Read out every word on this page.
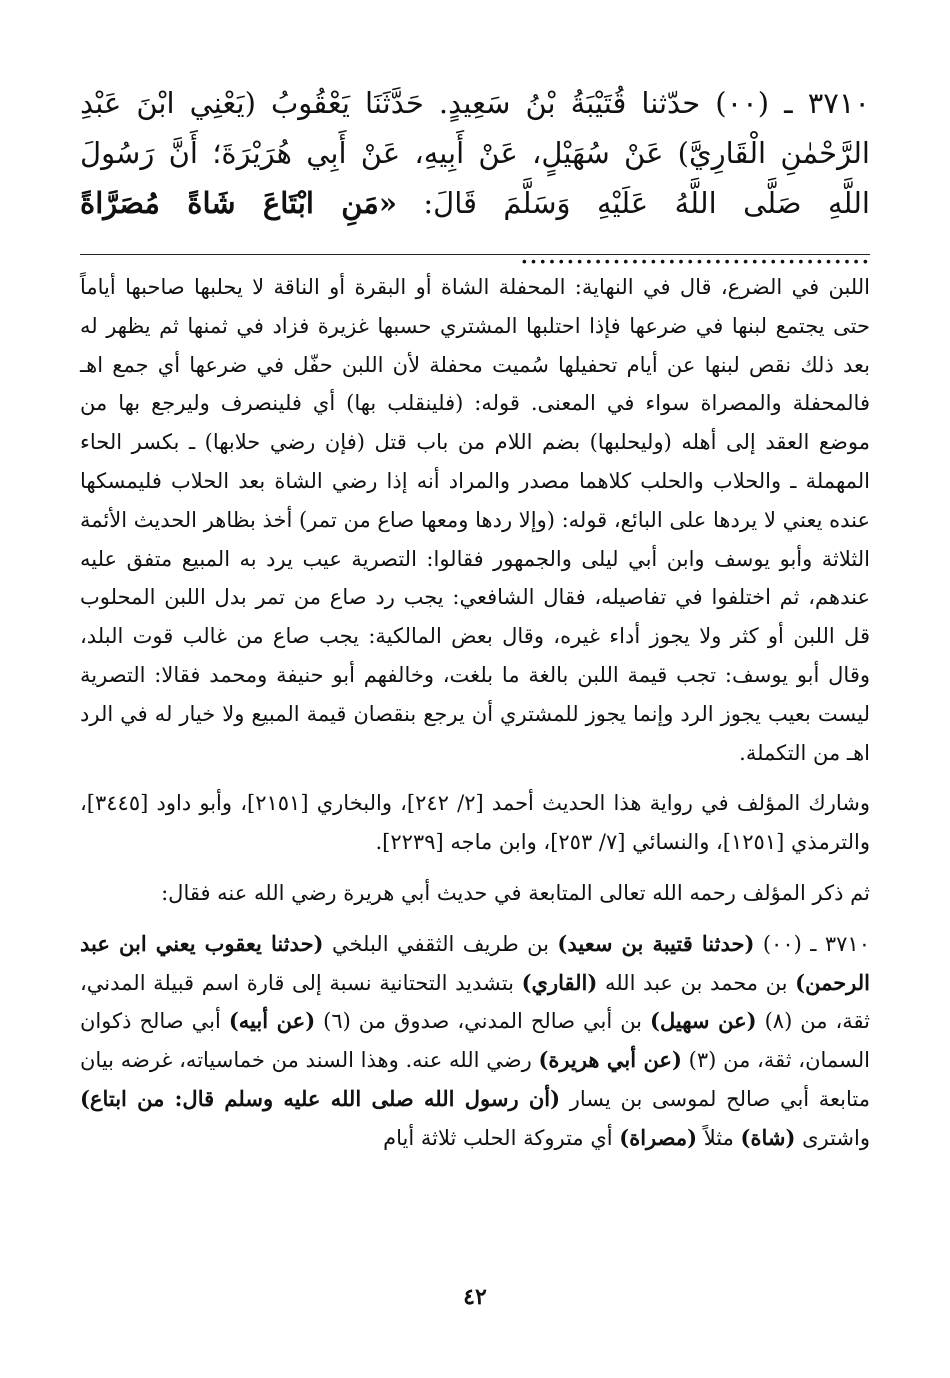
٣٧١٠ ـ (٠٠) حدّثنا قُتَيْبَةُ بْنُ سَعِيدٍ. حَدَّثَنَا يَعْقُوبُ (يَعْنِي ابْنَ عَبْدِ الرَّحْمٰنِ الْقَارِيَّ) عَنْ سُهَيْلٍ، عَنْ أَبِيهِ، عَنْ أَبِي هُرَيْرَةَ؛ أَنَّ رَسُولَ اللَّهِ صَلَّى اللَّهُ عَلَيْهِ وَسَلَّمَ قَالَ: «مَنِ ابْتَاعَ شَاةً مُصَرَّاةً ......................................

اللبن في الضرع، قال في النهاية: المحفلة الشاة أو البقرة أو الناقة لا يحلبها صاحبها أياماً حتى يجتمع لبنها في ضرعها فإذا احتلبها المشتري حسبها غزيرة فزاد في ثمنها ثم يظهر له بعد ذلك نقص لبنها عن أيام تحفيلها سُميت محفلة لأن اللبن حفّل في ضرعها أي جمع اهـ فالمحفلة والمصراة سواء في المعنى. قوله: (فلينقلب بها) أي فلينصرف وليرجع بها من موضع العقد إلى أهله (وليحلبها) بضم اللام من باب قتل (فإن رضي حلابها) ـ بكسر الحاء المهملة ـ والحلاب والحلب كلاهما مصدر والمراد أنه إذا رضي الشاة بعد الحلاب فليمسكها عنده يعني لا يردها على البائع، قوله: (وإلا ردها ومعها صاع من تمر) أخذ بظاهر الحديث الأئمة الثلاثة وأبو يوسف وابن أبي ليلى والجمهور فقالوا: التصرية عيب يرد به المبيع متفق عليه عندهم، ثم اختلفوا في تفاصيله، فقال الشافعي: يجب رد صاع من تمر بدل اللبن المحلوب قل اللبن أو كثر ولا يجوز أداء غيره، وقال بعض المالكية: يجب صاع من غالب قوت البلد، وقال أبو يوسف: تجب قيمة اللبن بالغة ما بلغت، وخالفهم أبو حنيفة ومحمد فقالا: التصرية ليست بعيب يجوز الرد وإنما يجوز للمشتري أن يرجع بنقصان قيمة المبيع ولا خيار له في الرد اهـ من التكملة.

وشارك المؤلف في رواية هذا الحديث أحمد [٢/ ٢٤٢]، والبخاري [٢١٥١]، وأبو داود [٣٤٤٥]، والترمذي [١٢٥١]، والنسائي [٧/ ٢٥٣]، وابن ماجه [٢٢٣٩].

ثم ذكر المؤلف رحمه الله تعالى المتابعة في حديث أبي هريرة رضي الله عنه فقال:

٣٧١٠ ـ (٠٠) (حدثنا قتيبة بن سعيد) بن طريف الثقفي البلخي (حدثنا يعقوب يعني ابن عبد الرحمن) بن محمد بن عبد الله (القاري) بتشديد التحتانية نسبة إلى قارة اسم قبيلة المدني، ثقة، من (٨) (عن سهيل) بن أبي صالح المدني، صدوق من (٦) (عن أبيه) أبي صالح ذكوان السمان، ثقة، من (٣) (عن أبي هريرة) رضي الله عنه. وهذا السند من خماسياته، غرضه بيان متابعة أبي صالح لموسى بن يسار (أن رسول الله صلى الله عليه وسلم قال: من ابتاع) واشترى (شاة) مثلاً (مصراة) أي متروكة الحلب ثلاثة أيام

٤٢
